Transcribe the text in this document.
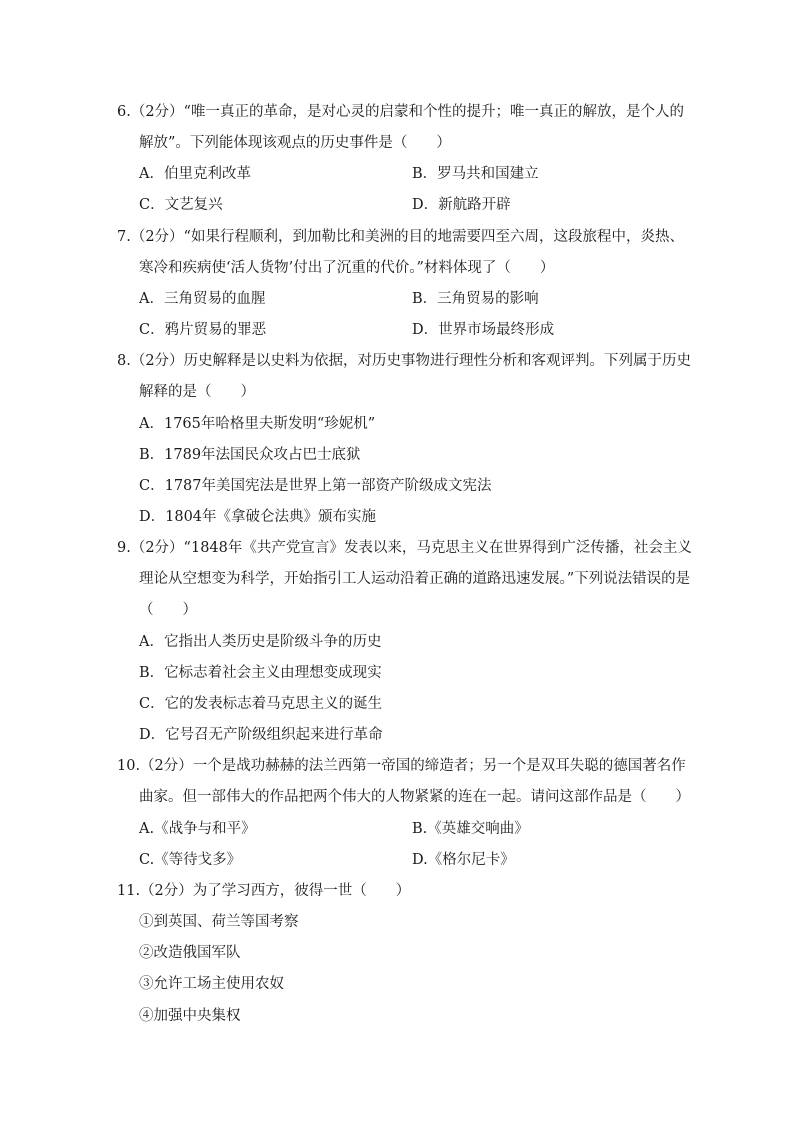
6.（2分）“唯一真正的革命，是对心灵的启蒙和个性的提升；唯一真正的解放，是个人的
解放”。下列能体现该观点的历史事件是（　　）
A．伯里克利改革	B．罗马共和国建立
C．文艺复兴	D．新航路开辟
7.（2分）“如果行程顺利，到加勒比和美洲的目的地需要四至六周，这段旅程中，炎热、
寒冷和疾病使‘活人货物’付出了沉重的代价。”材料体现了（　　）
A．三角贸易的血腥	B．三角贸易的影响
C．鸦片贸易的罪恶	D．世界市场最终形成
8.（2分）历史解释是以史料为依据，对历史事物进行理性分析和客观评判。下列属于历史
解释的是（　　）
A．1765年哈格里夫斯发明“珍妮机”
B．1789年法国民众攻占巴士底狱
C．1787年美国宪法是世界上第一部资产阶级成文宪法
D．1804年《拿破仑法典》颁布实施
9.（2分）“1848年《共产党宣言》发表以来，马克思主义在世界得到广泛传播，社会主义
理论从空想变为科学，开始指引工人运动沿着正确的道路迅速发展。”下列说法错误的是
（　　）
A．它指出人类历史是阶级斗争的历史
B．它标志着社会主义由理想变成现实
C．它的发表标志着马克思主义的诞生
D．它号召无产阶级组织起来进行革命
10.（2分）一个是战功赫赫的法兰西第一帝国的缔造者；另一个是双耳失聪的德国著名作
曲家。但一部伟大的作品把两个伟大的人物紧紧的连在一起。请问这部作品是（　　）
A.《战争与和平》	B.《英雄交响曲》
C.《等待戈多》	D.《格尔尼卡》
11.（2分）为了学习西方，彼得一世（　　）
①到英国、荷兰等国考察
②改造俄国军队
③允许工场主使用农奴
④加强中央集权
